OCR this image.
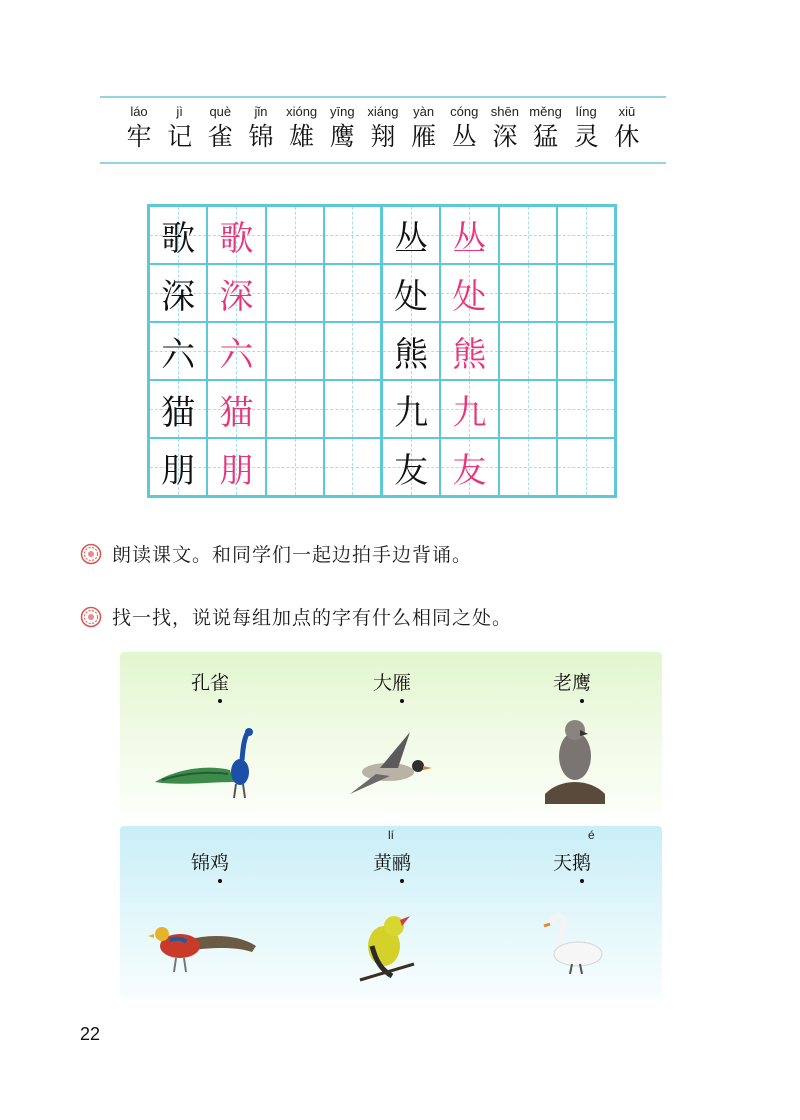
láo
牢
jì
记
què
雀
jǐn
锦
xióng
雄
yīng
鹰
xiáng
翔
yàn
雁
cóng
丛
shēn
深
měng
猛
líng
灵
xiū
休
歌 歌	丛 丛
深 深	处 处
六 六	熊 熊
猫 猫	九 九
朋 朋	友 友
朗读课文。和同学们一起边拍手边背诵。
找一找，说说每组加点的字有什么相同之处。
孔雀	大雁	老鹰
锦鸡
lí
黄鹂
é
天鹅
22
